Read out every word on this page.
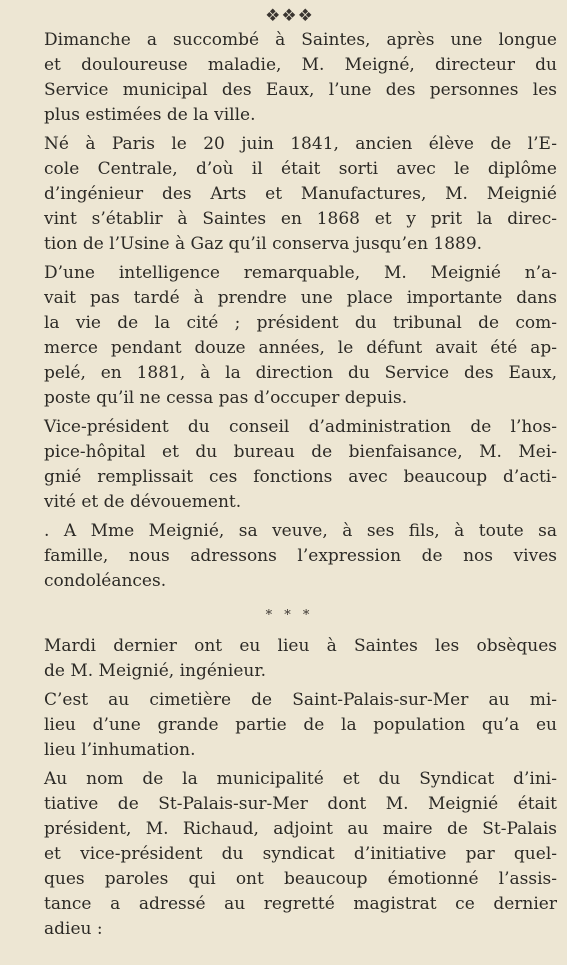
❖❖❖

Dimanche a succombé à Saintes, après une longue
et douloureuse maladie, M. Meigné, directeur du
Service municipal des Eaux, l’une des personnes les
plus estimées de la ville.

Né à Paris le 20 juin 1841, ancien élève de l’E-
cole Centrale, d’où il était sorti avec le diplôme
d’ingénieur des Arts et Manufactures, M. Meignié
vint s’établir à Saintes en 1868 et y prit la direc-
tion de l’Usine à Gaz qu’il conserva jusqu’en 1889.

D’une intelligence remarquable, M. Meignié n’a-
vait pas tardé à prendre une place importante dans
la vie de la cité ; président du tribunal de com-
merce pendant douze années, le défunt avait été ap-
pelé, en 1881, à la direction du Service des Eaux,
poste qu’il ne cessa pas d’occuper depuis.

Vice-président du conseil d’administration de l’hos-
pice-hôpital et du bureau de bienfaisance, M. Mei-
gnié remplissait ces fonctions avec beaucoup d’acti-
vité et de dévouement.

. A Mme Meignié, sa veuve, à ses fils, à toute sa
famille, nous adressons l’expression de nos vives
condoléances.

* * *

Mardi dernier ont eu lieu à Saintes les obsèques
de M. Meignié, ingénieur.

C’est au cimetière de Saint-Palais-sur-Mer au mi-
lieu d’une grande partie de la population qu’a eu
lieu l’inhumation.

Au nom de la municipalité et du Syndicat d’ini-
tiative de St-Palais-sur-Mer dont M. Meignié était
président, M. Richaud, adjoint au maire de St-Palais
et vice-président du syndicat d’initiative par quel-
ques paroles qui ont beaucoup émotionné l’assis-
tance a adressé au regretté magistrat ce dernier
adieu :
